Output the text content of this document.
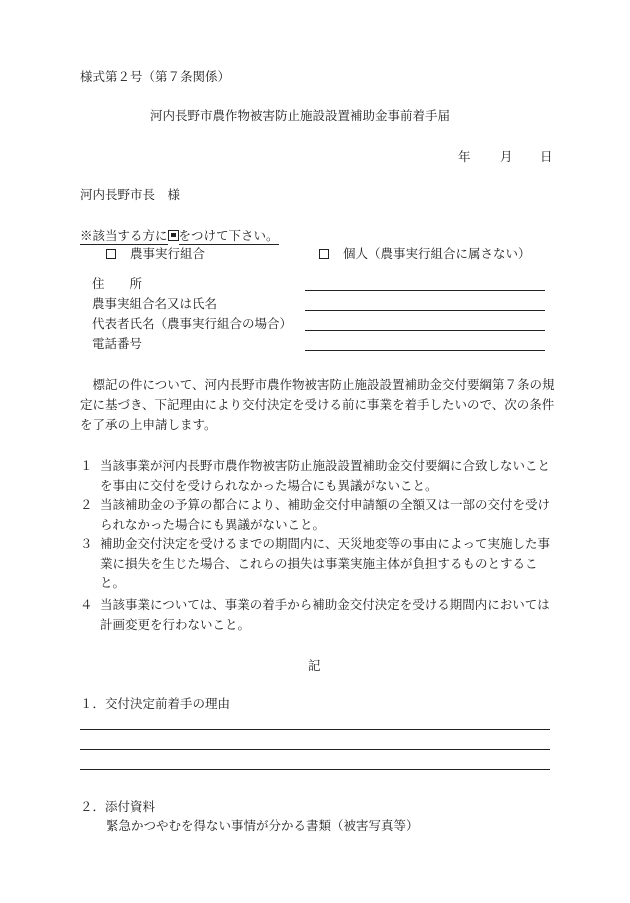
様式第２号（第７条関係）
河内長野市農作物被害防止施設設置補助金事前着手届
年 月 日
河内長野市長　様
※該当する方に をつけて下さい。
農事実行組合	個人（農事実行組合に属さない）
住　　所
農事実組合名又は氏名
代表者氏名（農事実行組合の場合）
電話番号
　標記の件について、河内長野市農作物被害防止施設設置補助金交付要綱第７条の規定に基づき、下記理由により交付決定を受ける前に事業を着手したいので、次の条件を了承の上申請します。
１ 当該事業が河内長野市農作物被害防止施設設置補助金交付要綱に合致しないことを事由に交付を受けられなかった場合にも異議がないこと。
２ 当該補助金の予算の都合により、補助金交付申請額の全額又は一部の交付を受けられなかった場合にも異議がないこと。
３ 補助金交付決定を受けるまでの期間内に、天災地変等の事由によって実施した事業に損失を生じた場合、これらの損失は事業実施主体が負担するものとすること。
４ 当該事業については、事業の着手から補助金交付決定を受ける期間内においては計画変更を行わないこと。
記
１．交付決定前着手の理由
２．添付資料
緊急かつやむを得ない事情が分かる書類（被害写真等）
